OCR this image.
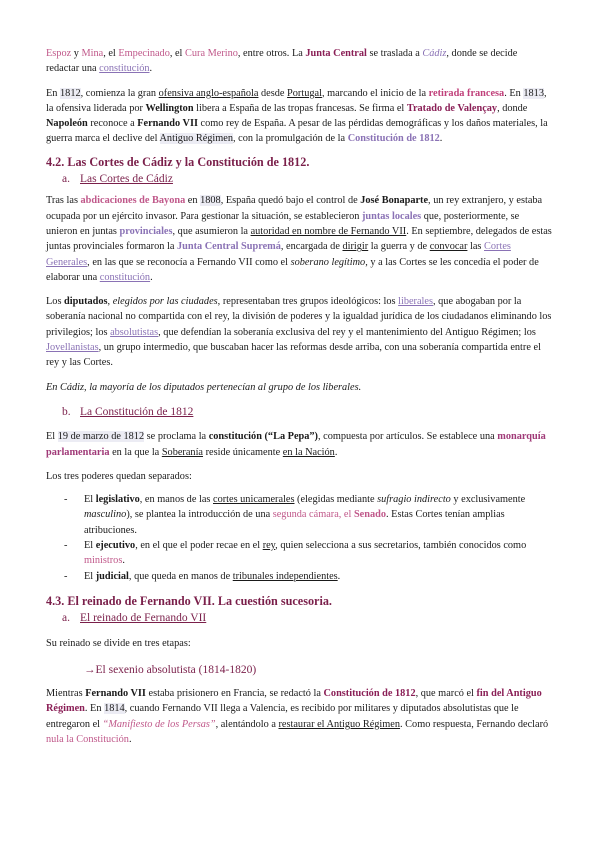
Espoz y Mina, el Empecinado, el Cura Merino, entre otros. La Junta Central se traslada a Cádiz, donde se decide redactar una constitución.

En 1812, comienza la gran ofensiva anglo-española desde Portugal, marcando el inicio de la retirada francesa. En 1813, la ofensiva liderada por Wellington libera a España de las tropas francesas. Se firma el Tratado de Valençay, donde Napoleón reconoce a Fernando VII como rey de España. A pesar de las pérdidas demográficas y los daños materiales, la guerra marca el declive del Antiguo Régimen, con la promulgación de la Constitución de 1812.

4.2. Las Cortes de Cádiz y la Constitución de 1812.
a. Las Cortes de Cádiz

Tras las abdicaciones de Bayona en 1808, España quedó bajo el control de José Bonaparte, un rey extranjero, y estaba ocupada por un ejército invasor. Para gestionar la situación, se establecieron juntas locales que, posteriormente, se unieron en juntas provinciales, que asumieron la autoridad en nombre de Fernando VII. En septiembre, delegados de estas juntas provinciales formaron la Junta Central Supremá, encargada de dirigir la guerra y de convocar las Cortes Generales, en las que se reconocía a Fernando VII como el soberano legítimo, y a las Cortes se les concedía el poder de elaborar una constitución.

Los diputados, elegidos por las ciudades, representaban tres grupos ideológicos: los liberales, que abogaban por la soberanía nacional no compartida con el rey, la división de poderes y la igualdad jurídica de los ciudadanos eliminando los privilegios; los absolutistas, que defendían la soberanía exclusiva del rey y el mantenimiento del Antiguo Régimen; los Jovellanistas, un grupo intermedio, que buscaban hacer las reformas desde arriba, con una soberanía compartida entre el rey y las Cortes.

En Cádiz, la mayoría de los diputados pertenecían al grupo de los liberales.

b. La Constitución de 1812

El 19 de marzo de 1812 se proclama la constitución (“La Pepa”), compuesta por artículos. Se establece una monarquía parlamentaria en la que la Soberanía reside únicamente en la Nación.

Los tres poderes quedan separados:

- El legislativo, en manos de las cortes unicamerales (elegidas mediante sufragio indirecto y exclusivamente masculino), se plantea la introducción de una segunda cámara, el Senado. Estas Cortes tenían amplias atribuciones.
- El ejecutivo, en el que el poder recae en el rey, quien selecciona a sus secretarios, también conocidos como ministros.
- El judicial, que queda en manos de tribunales independientes.
4.3. El reinado de Fernando VII. La cuestión sucesoria.
a. El reinado de Fernando VII

Su reinado se divide en tres etapas:

→El sexenio absolutista (1814-1820)

Mientras Fernando VII estaba prisionero en Francia, se redactó la Constitución de 1812, que marcó el fin del Antiguo Régimen. En 1814, cuando Fernando VII llega a Valencia, es recibido por militares y diputados absolutistas que le entregaron el “Manifiesto de los Persas”, alentándolo a restaurar el Antiguo Régimen. Como respuesta, Fernando declaró nula la Constitución.
